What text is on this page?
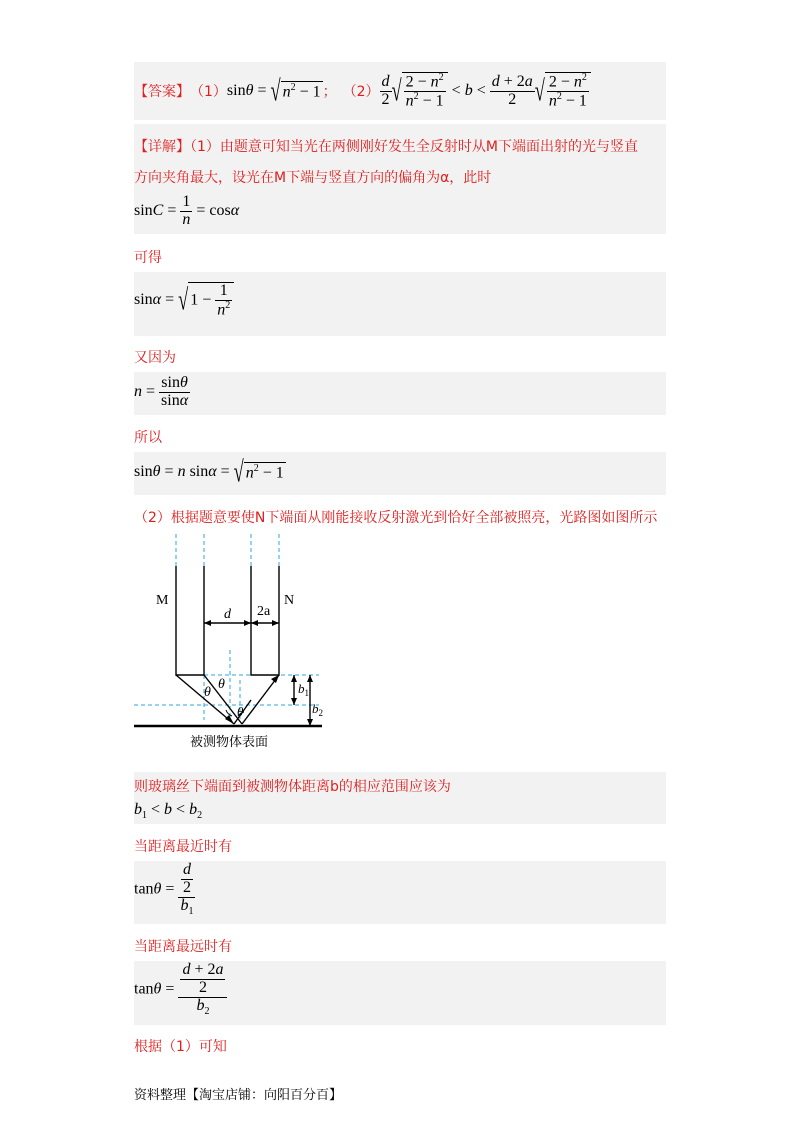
【答案】 （1） sinθ = √ $n^2 - 1$ ； $(2) \frac{d}{2}$ √ $\frac{2 - n^2}{n^2 - 1} < b < \frac{d + 2a}{2}$ √ $\frac{2 - n^2}{n^2 - 1}$
【详解】（1）由题意可知当光在两侧刚好发生全反射时从M下端面出射的光与竖直
方向夹角最大，设光在M下端与竖直方向的偏角为α，此时
$\sin C = \frac{1}{n} = \cos\alpha$
可得
sinα = √ $1 - \frac{1}{n^2}$
又因为
$n = \frac{\sin\theta}{\sin\alpha}$
所以
sinθ = n sinα = √ $n^2 - 1$
（2）根据题意要使N下端面从刚能接收反射激光到恰好全部被照亮，光路图如图所示
M	N
d 2a
$b_1$
$b_2$
θ
θ
θ
被测物体表面
则玻璃丝下端面到被测物体距离b的相应范围应该为
$b_1 < b < b_2$
当距离最近时有
$\tan\theta = \frac{\frac{d}{2}}{b_1}$
当距离最远时有
$\tan\theta = \frac{\frac{d + 2a}{2}}{b_2}$
根据（1）可知
资料整理【淘宝店铺：向阳百分百】
